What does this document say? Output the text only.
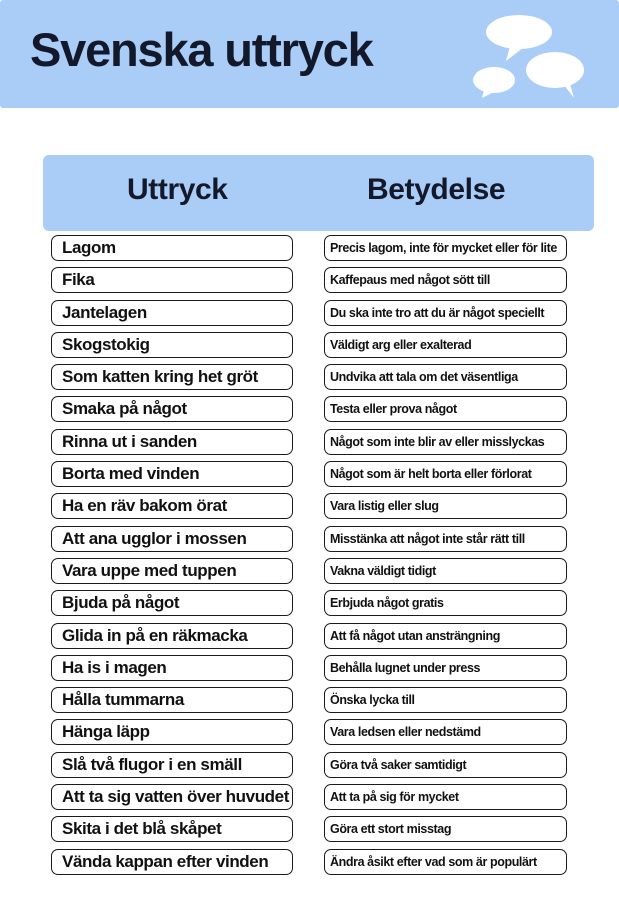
Svenska uttryck
Uttryck	Betydelse
Lagom	Precis lagom, inte för mycket eller för lite
Fika	Kaffepaus med något sött till
Jantelagen	Du ska inte tro att du är något speciellt
Skogstokig	Väldigt arg eller exalterad
Som katten kring het gröt	Undvika att tala om det väsentliga
Smaka på något	Testa eller prova något
Rinna ut i sanden	Något som inte blir av eller misslyckas
Borta med vinden	Något som är helt borta eller förlorat
Ha en räv bakom örat	Vara listig eller slug
Att ana ugglor i mossen	Misstänka att något inte står rätt till
Vara uppe med tuppen	Vakna väldigt tidigt
Bjuda på något	Erbjuda något gratis
Glida in på en räkmacka	Att få något utan ansträngning
Ha is i magen	Behålla lugnet under press
Hålla tummarna	Önska lycka till
Hänga läpp	Vara ledsen eller nedstämd
Slå två flugor i en smäll	Göra två saker samtidigt
Att ta sig vatten över huvudet	Att ta på sig för mycket
Skita i det blå skåpet	Göra ett stort misstag
Vända kappan efter vinden	Ändra åsikt efter vad som är populärt
